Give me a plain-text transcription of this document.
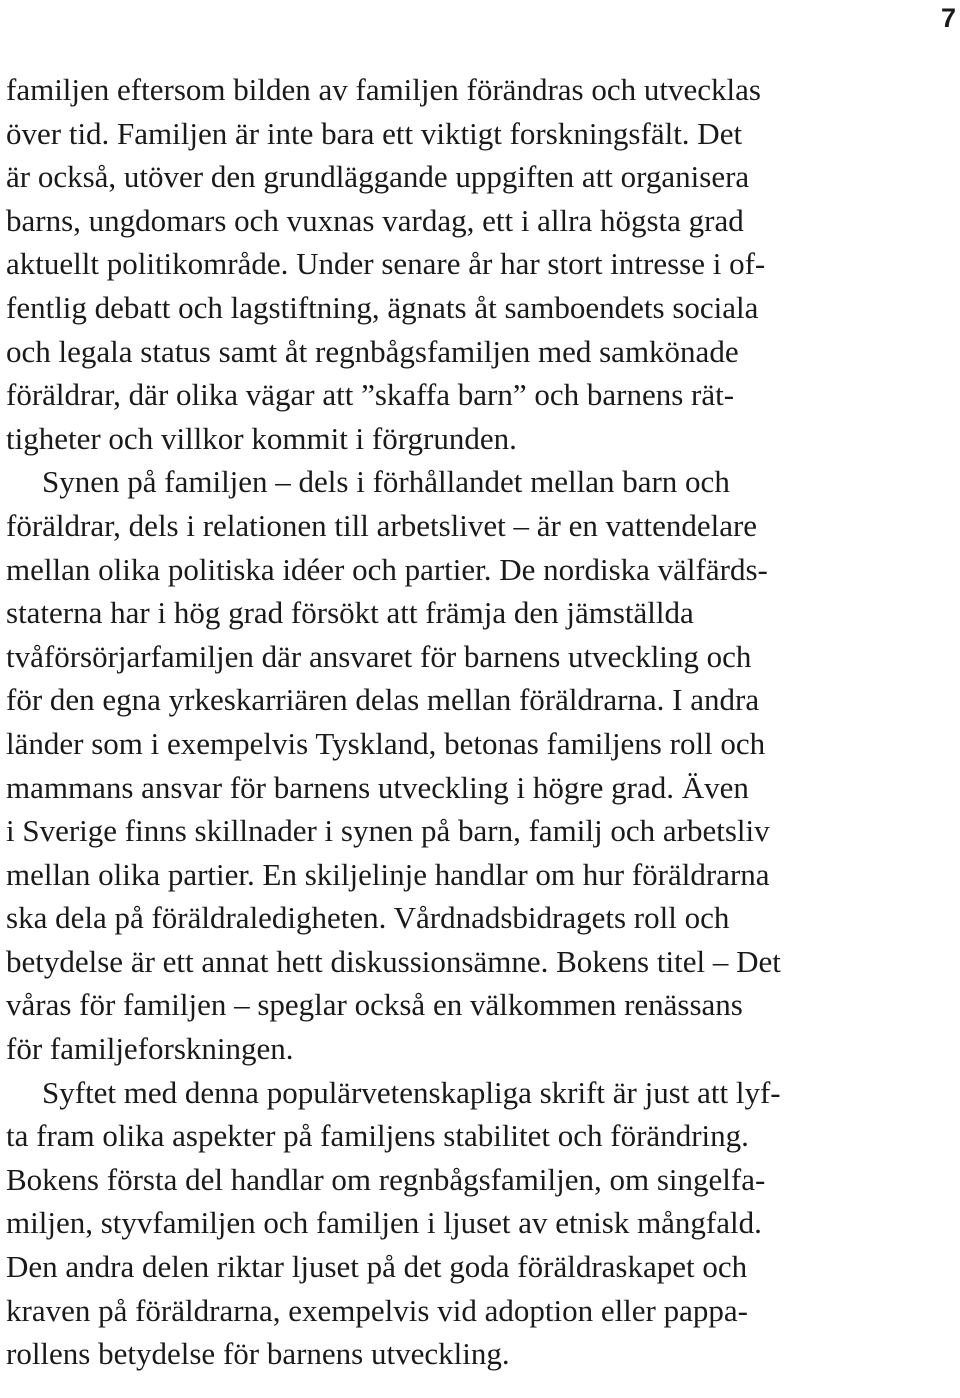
7
familjen eftersom bilden av familjen förändras och utvecklas
över tid. Familjen är inte bara ett viktigt forskningsfält. Det
är också, utöver den grundläggande uppgiften att organisera
barns, ungdomars och vuxnas vardag, ett i allra högsta grad
aktuellt politikområde. Under senare år har stort intresse i of-
fentlig debatt och lagstiftning, ägnats åt samboendets sociala
och legala status samt åt regnbågsfamiljen med samkönade
föräldrar, där olika vägar att ”skaffa barn” och barnens rät-
tigheter och villkor kommit i förgrunden.
Synen på familjen – dels i förhållandet mellan barn och
föräldrar, dels i relationen till arbetslivet – är en vattendelare
mellan olika politiska idéer och partier. De nordiska välfärds-
staterna har i hög grad försökt att främja den jämställda
tvåförsörjarfamiljen där ansvaret för barnens utveckling och
för den egna yrkeskarriären delas mellan föräldrarna. I andra
länder som i exempelvis Tyskland, betonas familjens roll och
mammans ansvar för barnens utveckling i högre grad. Även
i Sverige finns skillnader i synen på barn, familj och arbetsliv
mellan olika partier. En skiljelinje handlar om hur föräldrarna
ska dela på föräldraledigheten. Vårdnadsbidragets roll och
betydelse är ett annat hett diskussionsämne. Bokens titel – Det
våras för familjen – speglar också en välkommen renässans
för familjeforskningen.
Syftet med denna populärvetenskapliga skrift är just att lyf-
ta fram olika aspekter på familjens stabilitet och förändring.
Bokens första del handlar om regnbågsfamiljen, om singelfa-
miljen, styvfamiljen och familjen i ljuset av etnisk mångfald.
Den andra delen riktar ljuset på det goda föräldraskapet och
kraven på föräldrarna, exempelvis vid adoption eller pappa-
rollens betydelse för barnens utveckling.
